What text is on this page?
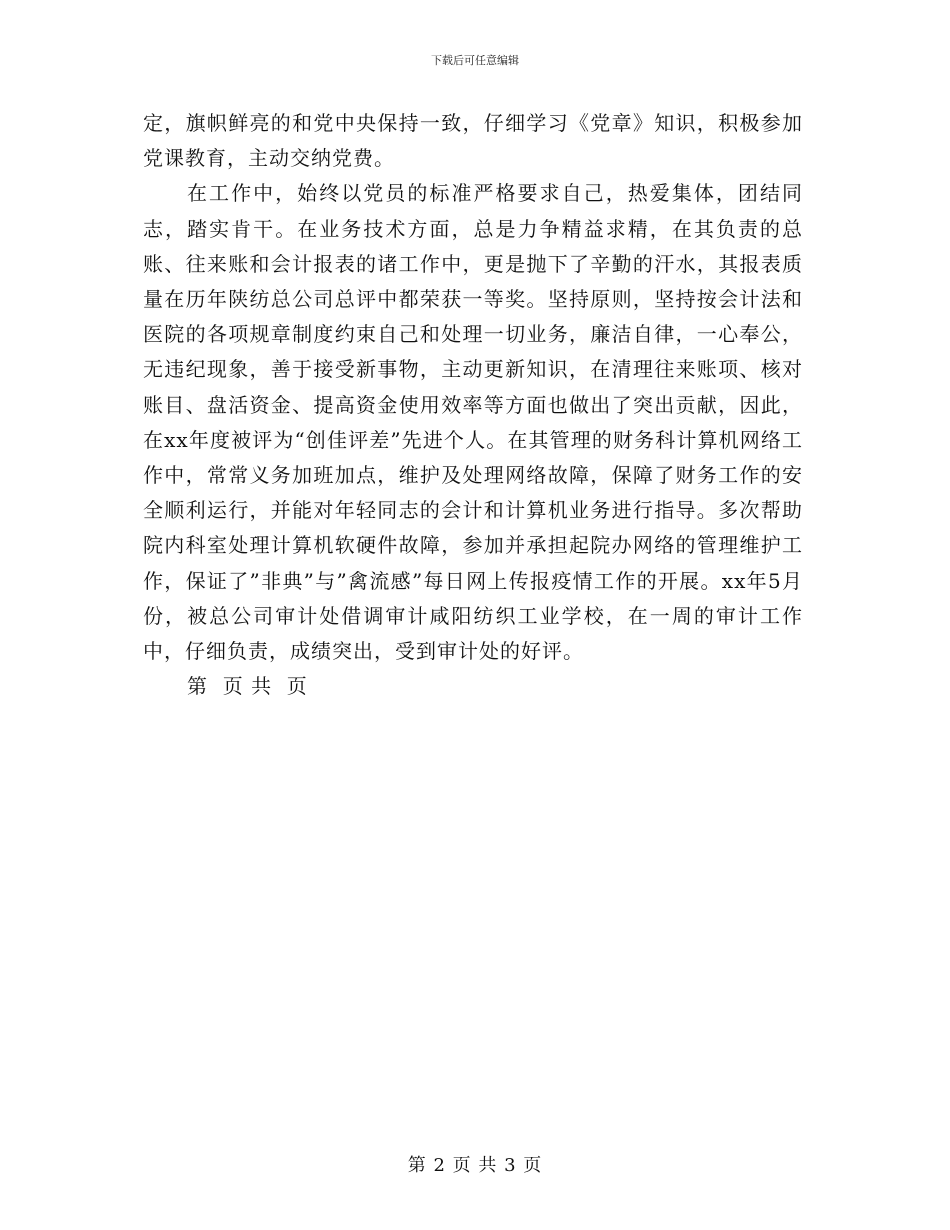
下载后可任意编辑

定，旗帜鲜亮的和党中央保持一致，仔细学习《党章》知识，积极参加党课教育，主动交纳党费。

在工作中，始终以党员的标准严格要求自己，热爱集体，团结同志，踏实肯干。在业务技术方面，总是力争精益求精，在其负责的总账、往来账和会计报表的诸工作中，更是抛下了辛勤的汗水，其报表质量在历年陕纺总公司总评中都荣获一等奖。坚持原则，坚持按会计法和医院的各项规章制度约束自己和处理一切业务，廉洁自律，一心奉公，无违纪现象，善于接受新事物，主动更新知识，在清理往来账项、核对账目、盘活资金、提高资金使用效率等方面也做出了突出贡献，因此，在xx年度被评为“创佳评差”先进个人。在其管理的财务科计算机网络工作中，常常义务加班加点，维护及处理网络故障，保障了财务工作的安全顺利运行，并能对年轻同志的会计和计算机业务进行指导。多次帮助院内科室处理计算机软硬件故障，参加并承担起院办网络的管理维护工作，保证了”非典”与”禽流感”每日网上传报疫情工作的开展。xx年5月份，被总公司审计处借调审计咸阳纺织工业学校，在一周的审计工作中，仔细负责，成绩突出，受到审计处的好评。

第  页 共  页

第 2 页 共 3 页
